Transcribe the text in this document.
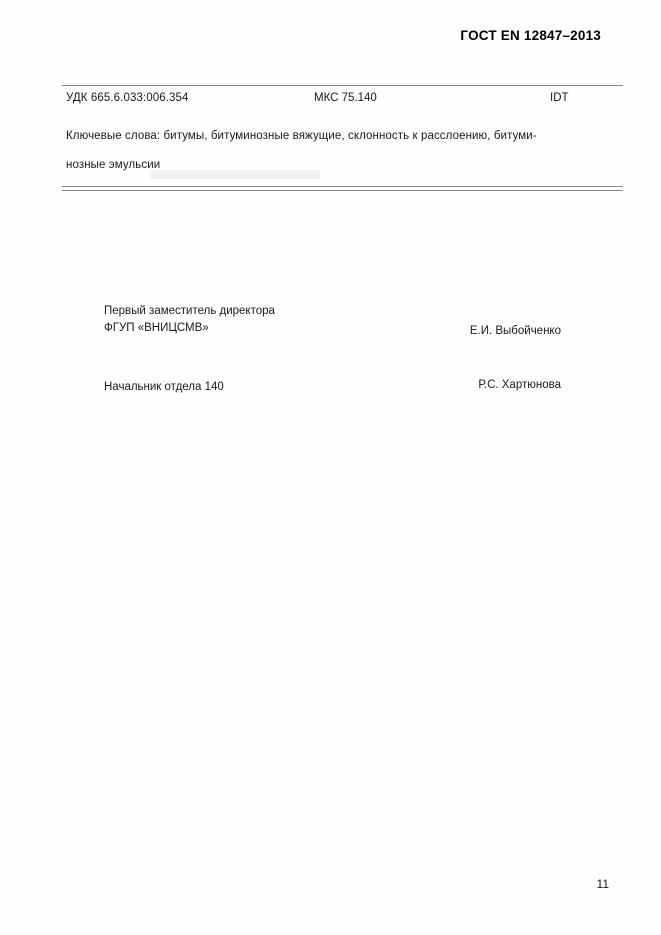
ГОСТ EN 12847–2013
УДК 665.6.033:006.354	МКС 75.140	IDT
Ключевые слова: битумы, битуминозные вяжущие, склонность к расслоению, битуми-
нозные эмульсии
Первый заместитель директора
ФГУП «ВНИЦСМВ»	Е.И. Выбойченко
Начальник отдела 140	Р.С. Хартюнова
11
